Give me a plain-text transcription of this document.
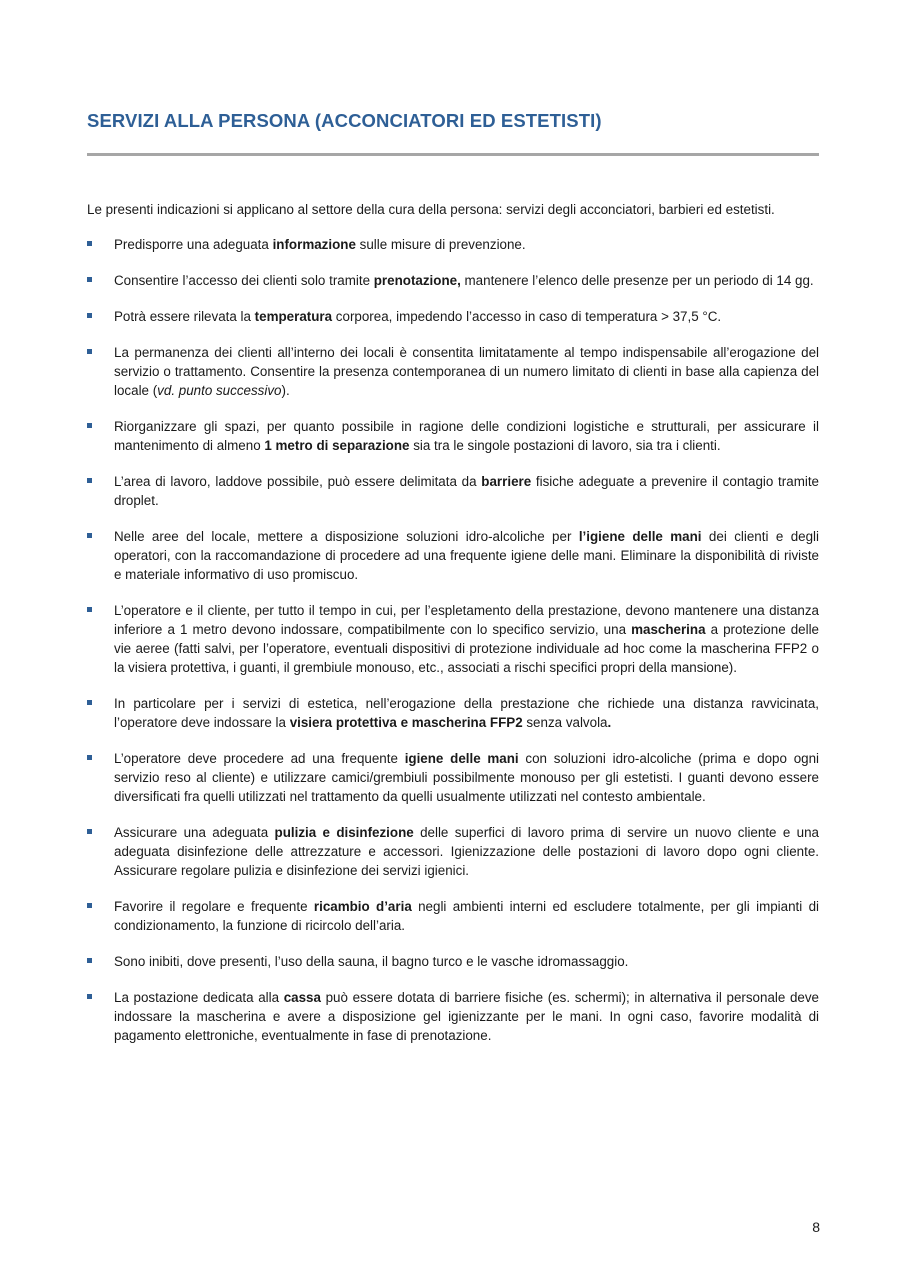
SERVIZI ALLA PERSONA (ACCONCIATORI ED ESTETISTI)
Le presenti indicazioni si applicano al settore della cura della persona: servizi degli acconciatori, barbieri ed estetisti.
Predisporre una adeguata informazione sulle misure di prevenzione.
Consentire l’accesso dei clienti solo tramite prenotazione, mantenere l’elenco delle presenze per un periodo di 14 gg.
Potrà essere rilevata la temperatura corporea, impedendo l’accesso in caso di temperatura > 37,5 °C.
La permanenza dei clienti all’interno dei locali è consentita limitatamente al tempo indispensabile all’erogazione del servizio o trattamento. Consentire la presenza contemporanea di un numero limitato di clienti in base alla capienza del locale (vd. punto successivo).
Riorganizzare gli spazi, per quanto possibile in ragione delle condizioni logistiche e strutturali, per assicurare il mantenimento di almeno 1 metro di separazione sia tra le singole postazioni di lavoro, sia tra i clienti.
L’area di lavoro, laddove possibile, può essere delimitata da barriere fisiche adeguate a prevenire il contagio tramite droplet.
Nelle aree del locale, mettere a disposizione soluzioni idro-alcoliche per l’igiene delle mani dei clienti e degli operatori, con la raccomandazione di procedere ad una frequente igiene delle mani. Eliminare la disponibilità di riviste e materiale informativo di uso promiscuo.
L’operatore e il cliente, per tutto il tempo in cui, per l’espletamento della prestazione, devono mantenere una distanza inferiore a 1 metro devono indossare, compatibilmente con lo specifico servizio, una mascherina a protezione delle vie aeree (fatti salvi, per l’operatore, eventuali dispositivi di protezione individuale ad hoc come la mascherina FFP2 o la visiera protettiva, i guanti, il grembiule monouso, etc., associati a rischi specifici propri della mansione).
In particolare per i servizi di estetica, nell’erogazione della prestazione che richiede una distanza ravvicinata, l’operatore deve indossare la visiera protettiva e mascherina FFP2 senza valvola.
L’operatore deve procedere ad una frequente igiene delle mani con soluzioni idro-alcoliche (prima e dopo ogni servizio reso al cliente) e utilizzare camici/grembiuli possibilmente monouso per gli estetisti. I guanti devono essere diversificati fra quelli utilizzati nel trattamento da quelli usualmente utilizzati nel contesto ambientale.
Assicurare una adeguata pulizia e disinfezione delle superfici di lavoro prima di servire un nuovo cliente e una adeguata disinfezione delle attrezzature e accessori. Igienizzazione delle postazioni di lavoro dopo ogni cliente. Assicurare regolare pulizia e disinfezione dei servizi igienici.
Favorire il regolare e frequente ricambio d’aria negli ambienti interni ed escludere totalmente, per gli impianti di condizionamento, la funzione di ricircolo dell’aria.
Sono inibiti, dove presenti, l’uso della sauna, il bagno turco e le vasche idromassaggio.
La postazione dedicata alla cassa può essere dotata di barriere fisiche (es. schermi); in alternativa il personale deve indossare la mascherina e avere a disposizione gel igienizzante per le mani. In ogni caso, favorire modalità di pagamento elettroniche, eventualmente in fase di prenotazione.
8
